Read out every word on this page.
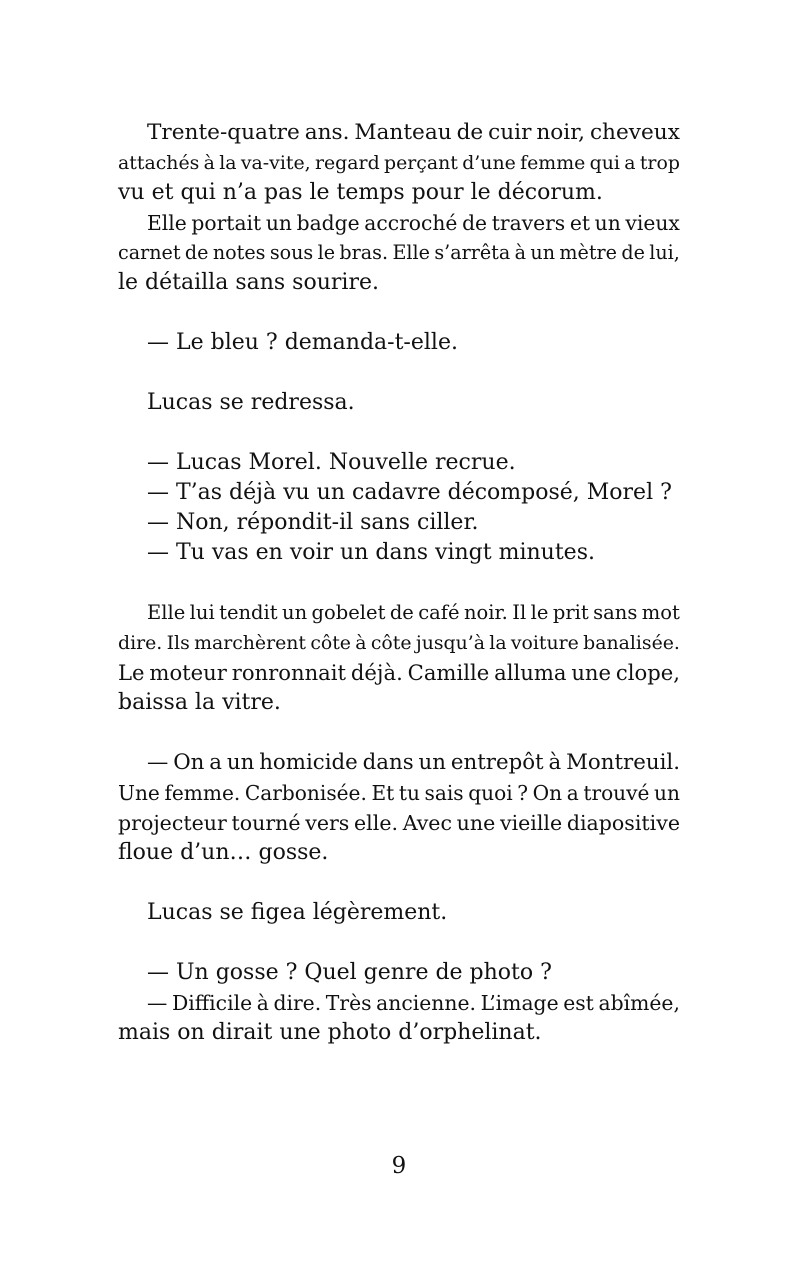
Trente-quatre ans. Manteau de cuir noir, cheveux
attachés à la va-vite, regard perçant d’une femme qui a trop
vu et qui n’a pas le temps pour le décorum.
Elle portait un badge accroché de travers et un vieux
carnet de notes sous le bras. Elle s’arrêta à un mètre de lui,
le détailla sans sourire.
— Le bleu ? demanda-t-elle.
Lucas se redressa.
— Lucas Morel. Nouvelle recrue.
— T’as déjà vu un cadavre décomposé, Morel ?
— Non, répondit-il sans ciller.
— Tu vas en voir un dans vingt minutes.
Elle lui tendit un gobelet de café noir. Il le prit sans mot
dire. Ils marchèrent côte à côte jusqu’à la voiture banalisée.
Le moteur ronronnait déjà. Camille alluma une clope,
baissa la vitre.
— On a un homicide dans un entrepôt à Montreuil.
Une femme. Carbonisée. Et tu sais quoi ? On a trouvé un
projecteur tourné vers elle. Avec une vieille diapositive
floue d’un… gosse.
Lucas se figea légèrement.
— Un gosse ? Quel genre de photo ?
— Difficile à dire. Très ancienne. L’image est abîmée,
mais on dirait une photo d’orphelinat.
9
